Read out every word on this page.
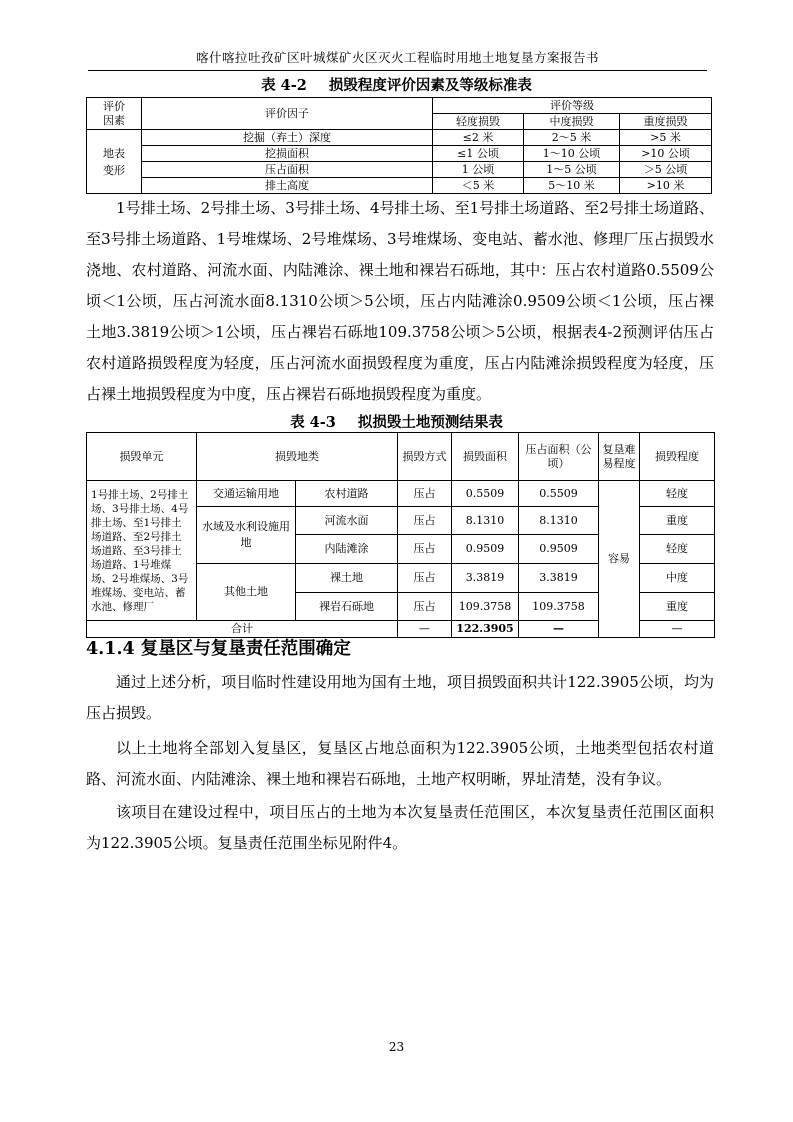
喀什喀拉吐孜矿区叶城煤矿火区灭火工程临时用地土地复垦方案报告书
表 4-2 损毁程度评价因素及等级标准表
评价因素	评价因子	评价等级		
		轻度损毁	中度损毁	重度损毁
地表变形	挖掘（弃土）深度	≤2 米	2～5 米	>5 米
	挖损面积	≤1 公顷	1～10 公顷	>10 公顷
	压占面积	1 公顷	1～5 公顷	＞5 公顷
	排土高度	＜5 米	5～10 米	>10 米
1号排土场、2号排土场、3号排土场、4号排土场、至1号排土场道路、至2号排土场道路、至3号排土场道路、1号堆煤场、2号堆煤场、3号堆煤场、变电站、蓄水池、修理厂压占损毁水浇地、农村道路、河流水面、内陆滩涂、裸土地和裸岩石砾地，其中：压占农村道路0.5509公顷＜1公顷，压占河流水面8.1310公顷＞5公顷，压占内陆滩涂0.9509公顷＜1公顷，压占裸土地3.3819公顷＞1公顷，压占裸岩石砾地109.3758公顷＞5公顷，根据表4-2预测评估压占农村道路损毁程度为轻度，压占河流水面损毁程度为重度，压占内陆滩涂损毁程度为轻度，压占裸土地损毁程度为中度，压占裸岩石砾地损毁程度为重度。
表 4-3 拟损毁土地预测结果表
损毁单元	损毁地类		损毁方式	损毁面积	压占面积（公顷）	复垦难易程度	损毁程度
1号排土场、2号排土场、3号排土场、4号排土场、至1号排土场道路、至2号排土场道路、至3号排土场道路、1号堆煤场、2号堆煤场、3号堆煤场、变电站、蓄水池、修理厂	交通运输用地	农村道路	压占	0.5509	0.5509	容易	轻度
	水域及水利设施用地	河流水面	压占	8.1310	8.1310		重度
		内陆滩涂	压占	0.9509	0.9509		轻度
	其他土地	裸土地	压占	3.3819	3.3819		中度
		裸岩石砾地	压占	109.3758	109.3758		重度
合计			—	122.3905	—		—
4.1.4 复垦区与复垦责任范围确定
通过上述分析，项目临时性建设用地为国有土地，项目损毁面积共计122.3905公顷，均为压占损毁。
以上土地将全部划入复垦区，复垦区占地总面积为122.3905公顷，土地类型包括农村道路、河流水面、内陆滩涂、裸土地和裸岩石砾地，土地产权明晰，界址清楚，没有争议。
该项目在建设过程中，项目压占的土地为本次复垦责任范围区，本次复垦责任范围区面积为122.3905公顷。复垦责任范围坐标见附件4。
23
